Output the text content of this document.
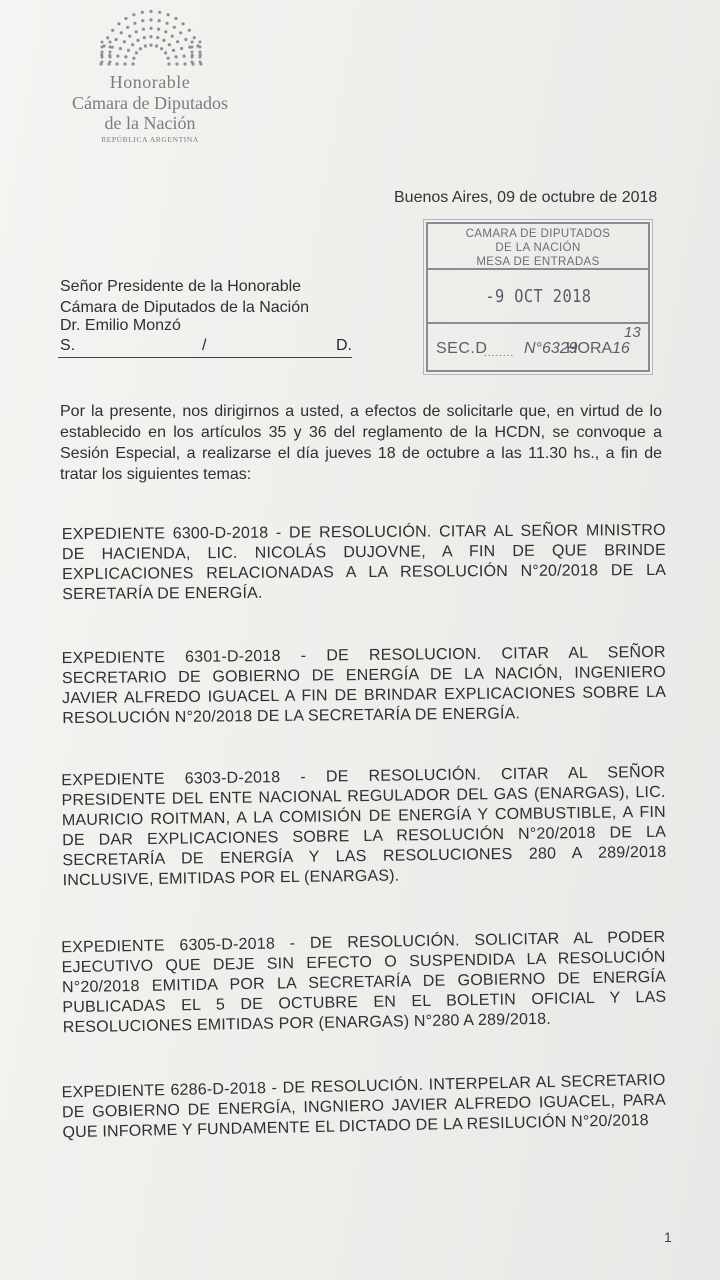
Honorable
Cámara de Diputados
de la Nación
REPÚBLICA ARGENTINA
Buenos Aires, 09 de octubre de 2018
CAMARA DE DIPUTADOS
DE LA NACIÓN
MESA DE ENTRADAS
-9 OCT 2018
SEC.D
........ N°6329
HORA 16
13
Señor Presidente de la Honorable
Cámara de Diputados de la Nación
Dr. Emilio Monzó
S.	/	D.
Por la presente, nos dirigirnos a usted, a efectos de solicitarle que, en virtud de lo establecido en los artículos 35 y 36 del reglamento de la HCDN, se convoque a Sesión Especial, a realizarse el día jueves 18 de octubre a las 11.30 hs., a fin de tratar los siguientes temas:
EXPEDIENTE 6300-D-2018 - DE RESOLUCIÓN. CITAR AL SEÑOR MINISTRO DE HACIENDA, LIC. NICOLÁS DUJOVNE, A FIN DE QUE BRINDE EXPLICACIONES RELACIONADAS A LA RESOLUCIÓN N°20/2018 DE LA SERETARÍA DE ENERGÍA.
EXPEDIENTE 6301-D-2018 - DE RESOLUCION. CITAR AL SEÑOR SECRETARIO DE GOBIERNO DE ENERGÍA DE LA NACIÓN, INGENIERO JAVIER ALFREDO IGUACEL A FIN DE BRINDAR EXPLICACIONES SOBRE LA RESOLUCIÓN N°20/2018 DE LA SECRETARÍA DE ENERGÍA.
EXPEDIENTE 6303-D-2018 - DE RESOLUCIÓN. CITAR AL SEÑOR PRESIDENTE DEL ENTE NACIONAL REGULADOR DEL GAS (ENARGAS), LIC. MAURICIO ROITMAN, A LA COMISIÓN DE ENERGÍA Y COMBUSTIBLE, A FIN DE DAR EXPLICACIONES SOBRE LA RESOLUCIÓN N°20/2018 DE LA SECRETARÍA DE ENERGÍA Y LAS RESOLUCIONES 280 A 289/2018 INCLUSIVE, EMITIDAS POR EL (ENARGAS).
EXPEDIENTE 6305-D-2018 - DE RESOLUCIÓN. SOLICITAR AL PODER EJECUTIVO QUE DEJE SIN EFECTO O SUSPENDIDA LA RESOLUCIÓN N°20/2018 EMITIDA POR LA SECRETARÍA DE GOBIERNO DE ENERGÍA PUBLICADAS EL 5 DE OCTUBRE EN EL BOLETIN OFICIAL Y LAS RESOLUCIONES EMITIDAS POR (ENARGAS) N°280 A 289/2018.
EXPEDIENTE 6286-D-2018 - DE RESOLUCIÓN. INTERPELAR AL SECRETARIO DE GOBIERNO DE ENERGÍA, INGNIERO JAVIER ALFREDO IGUACEL, PARA QUE INFORME Y FUNDAMENTE EL DICTADO DE LA RESILUCIÓN N°20/2018
1
